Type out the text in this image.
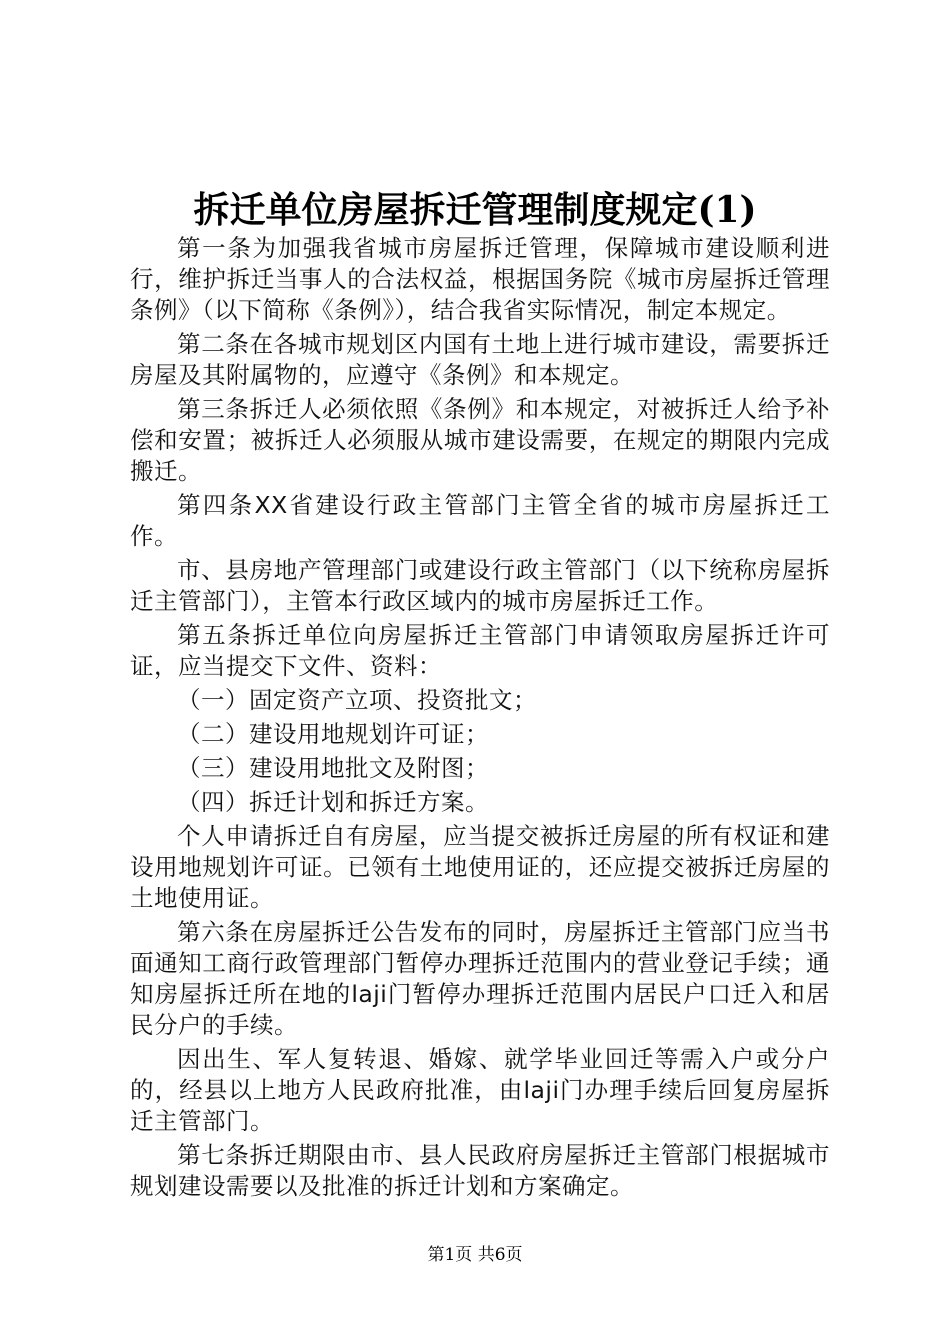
拆迁单位房屋拆迁管理制度规定(1)

第一条为加强我省城市房屋拆迁管理，保障城市建设顺利进行，维护拆迁当事人的合法权益，根据国务院《城市房屋拆迁管理条例》（以下简称《条例》），结合我省实际情况，制定本规定。

第二条在各城市规划区内国有土地上进行城市建设，需要拆迁房屋及其附属物的，应遵守《条例》和本规定。

第三条拆迁人必须依照《条例》和本规定，对被拆迁人给予补偿和安置；被拆迁人必须服从城市建设需要，在规定的期限内完成搬迁。

第四条XX省建设行政主管部门主管全省的城市房屋拆迁工作。

市、县房地产管理部门或建设行政主管部门（以下统称房屋拆迁主管部门），主管本行政区域内的城市房屋拆迁工作。

第五条拆迁单位向房屋拆迁主管部门申请领取房屋拆迁许可证，应当提交下文件、资料：

（一）固定资产立项、投资批文；

（二）建设用地规划许可证；

（三）建设用地批文及附图；

（四）拆迁计划和拆迁方案。

个人申请拆迁自有房屋，应当提交被拆迁房屋的所有权证和建设用地规划许可证。已领有土地使用证的，还应提交被拆迁房屋的土地使用证。

第六条在房屋拆迁公告发布的同时，房屋拆迁主管部门应当书面通知工商行政管理部门暂停办理拆迁范围内的营业登记手续；通知房屋拆迁所在地的laji门暂停办理拆迁范围内居民户口迁入和居民分户的手续。

因出生、军人复转退、婚嫁、就学毕业回迁等需入户或分户的，经县以上地方人民政府批准，由laji门办理手续后回复房屋拆迁主管部门。

第七条拆迁期限由市、县人民政府房屋拆迁主管部门根据城市规划建设需要以及批准的拆迁计划和方案确定。

第1页 共6页
